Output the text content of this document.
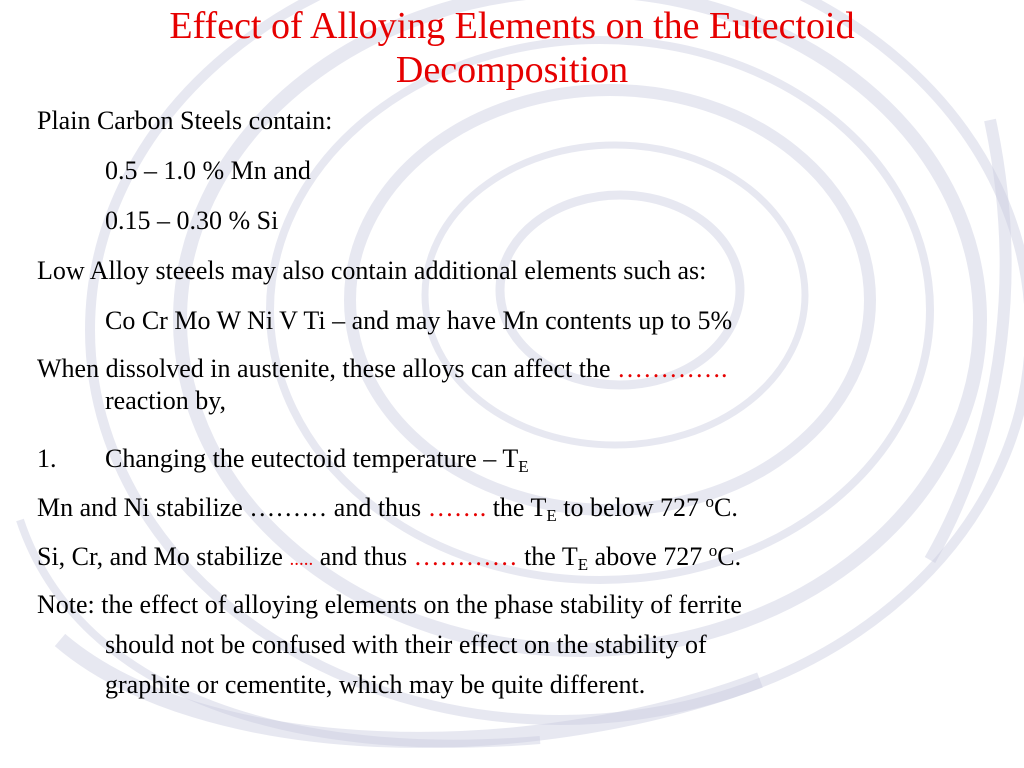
Effect of Alloying Elements on the Eutectoid
Decomposition
Plain Carbon Steels contain:
0.5 – 1.0 % Mn and
0.15 – 0.30 % Si
Low Alloy steeels may also contain additional elements such as:
Co Cr Mo W Ni V Ti – and may have Mn contents up to 5%
When dissolved in austenite, these alloys can affect the ………….
reaction by,
1. Changing the eutectoid temperature – $T_E$
Mn and Ni stabilize ……… and thus ……. the $T_E$ to below 727 $^o$C.
Si, Cr, and Mo stabilize ..... and thus ………… the $T_E$ above 727 $^o$C.
Note: the effect of alloying elements on the phase stability of ferrite
should not be confused with their effect on the stability of
graphite or cementite, which may be quite different.
